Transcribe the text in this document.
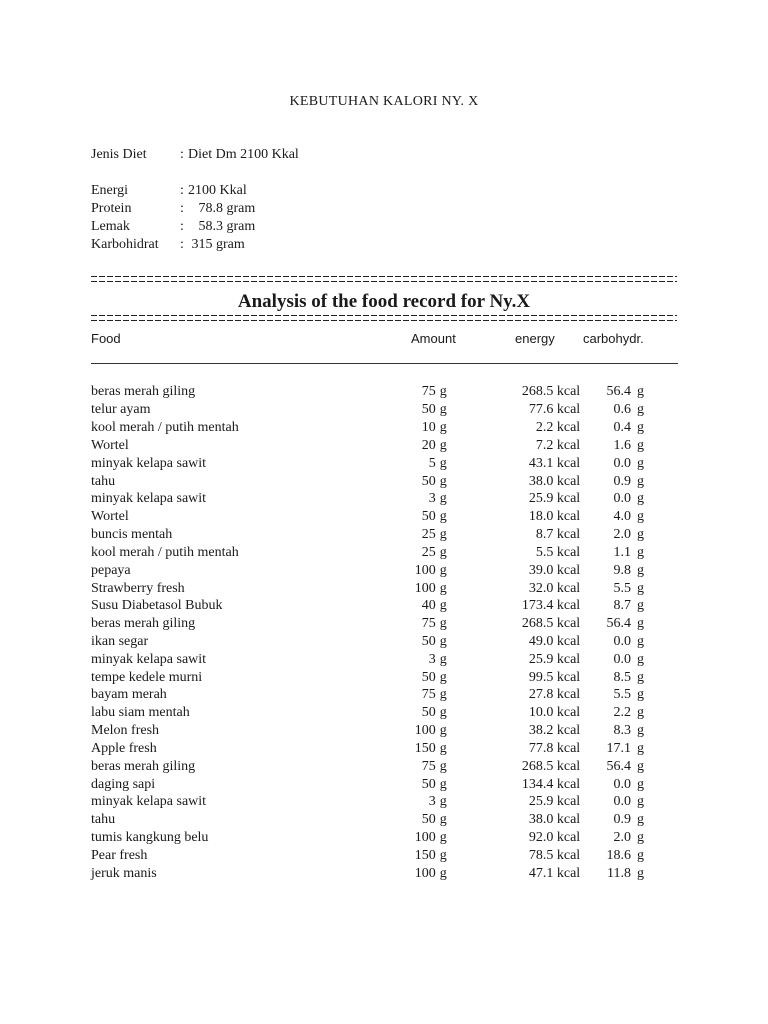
KEBUTUHAN KALORI NY. X
Jenis Diet : Diet Dm 2100 Kkal
Energi	: 2100 Kkal
Protein	: 78.8 gram
Lemak	: 58.3 gram
Karbohidrat : 315 gram
Analysis of the food record for Ny.X
Food	Amount	energy carbohydr.
beras merah giling	75	g	268.5 kcal	56.4	g
telur ayam	50	g	77.6 kcal	0.6	g
kool merah / putih mentah	10	g	2.2 kcal	0.4	g
Wortel	20	g	7.2 kcal	1.6	g
minyak kelapa sawit	5	g	43.1 kcal	0.0	g
tahu	50	g	38.0 kcal	0.9	g
minyak kelapa sawit	3	g	25.9 kcal	0.0	g
Wortel	50	g	18.0 kcal	4.0	g
buncis mentah	25	g	8.7 kcal	2.0	g
kool merah / putih mentah	25	g	5.5 kcal	1.1	g
pepaya	100	g	39.0 kcal	9.8	g
Strawberry fresh	100	g	32.0 kcal	5.5	g
Susu Diabetasol Bubuk	40	g	173.4 kcal	8.7	g
beras merah giling	75	g	268.5 kcal	56.4	g
ikan segar	50	g	49.0 kcal	0.0	g
minyak kelapa sawit	3	g	25.9 kcal	0.0	g
tempe kedele murni	50	g	99.5 kcal	8.5	g
bayam merah	75	g	27.8 kcal	5.5	g
labu siam mentah	50	g	10.0 kcal	2.2	g
Melon fresh	100	g	38.2 kcal	8.3	g
Apple fresh	150	g	77.8 kcal	17.1	g
beras merah giling	75	g	268.5 kcal	56.4	g
daging sapi	50	g	134.4 kcal	0.0	g
minyak kelapa sawit	3	g	25.9 kcal	0.0	g
tahu	50	g	38.0 kcal	0.9	g
tumis kangkung belu	100	g	92.0 kcal	2.0	g
Pear fresh	150	g	78.5 kcal	18.6	g
jeruk manis	100	g	47.1 kcal	11.8	g
